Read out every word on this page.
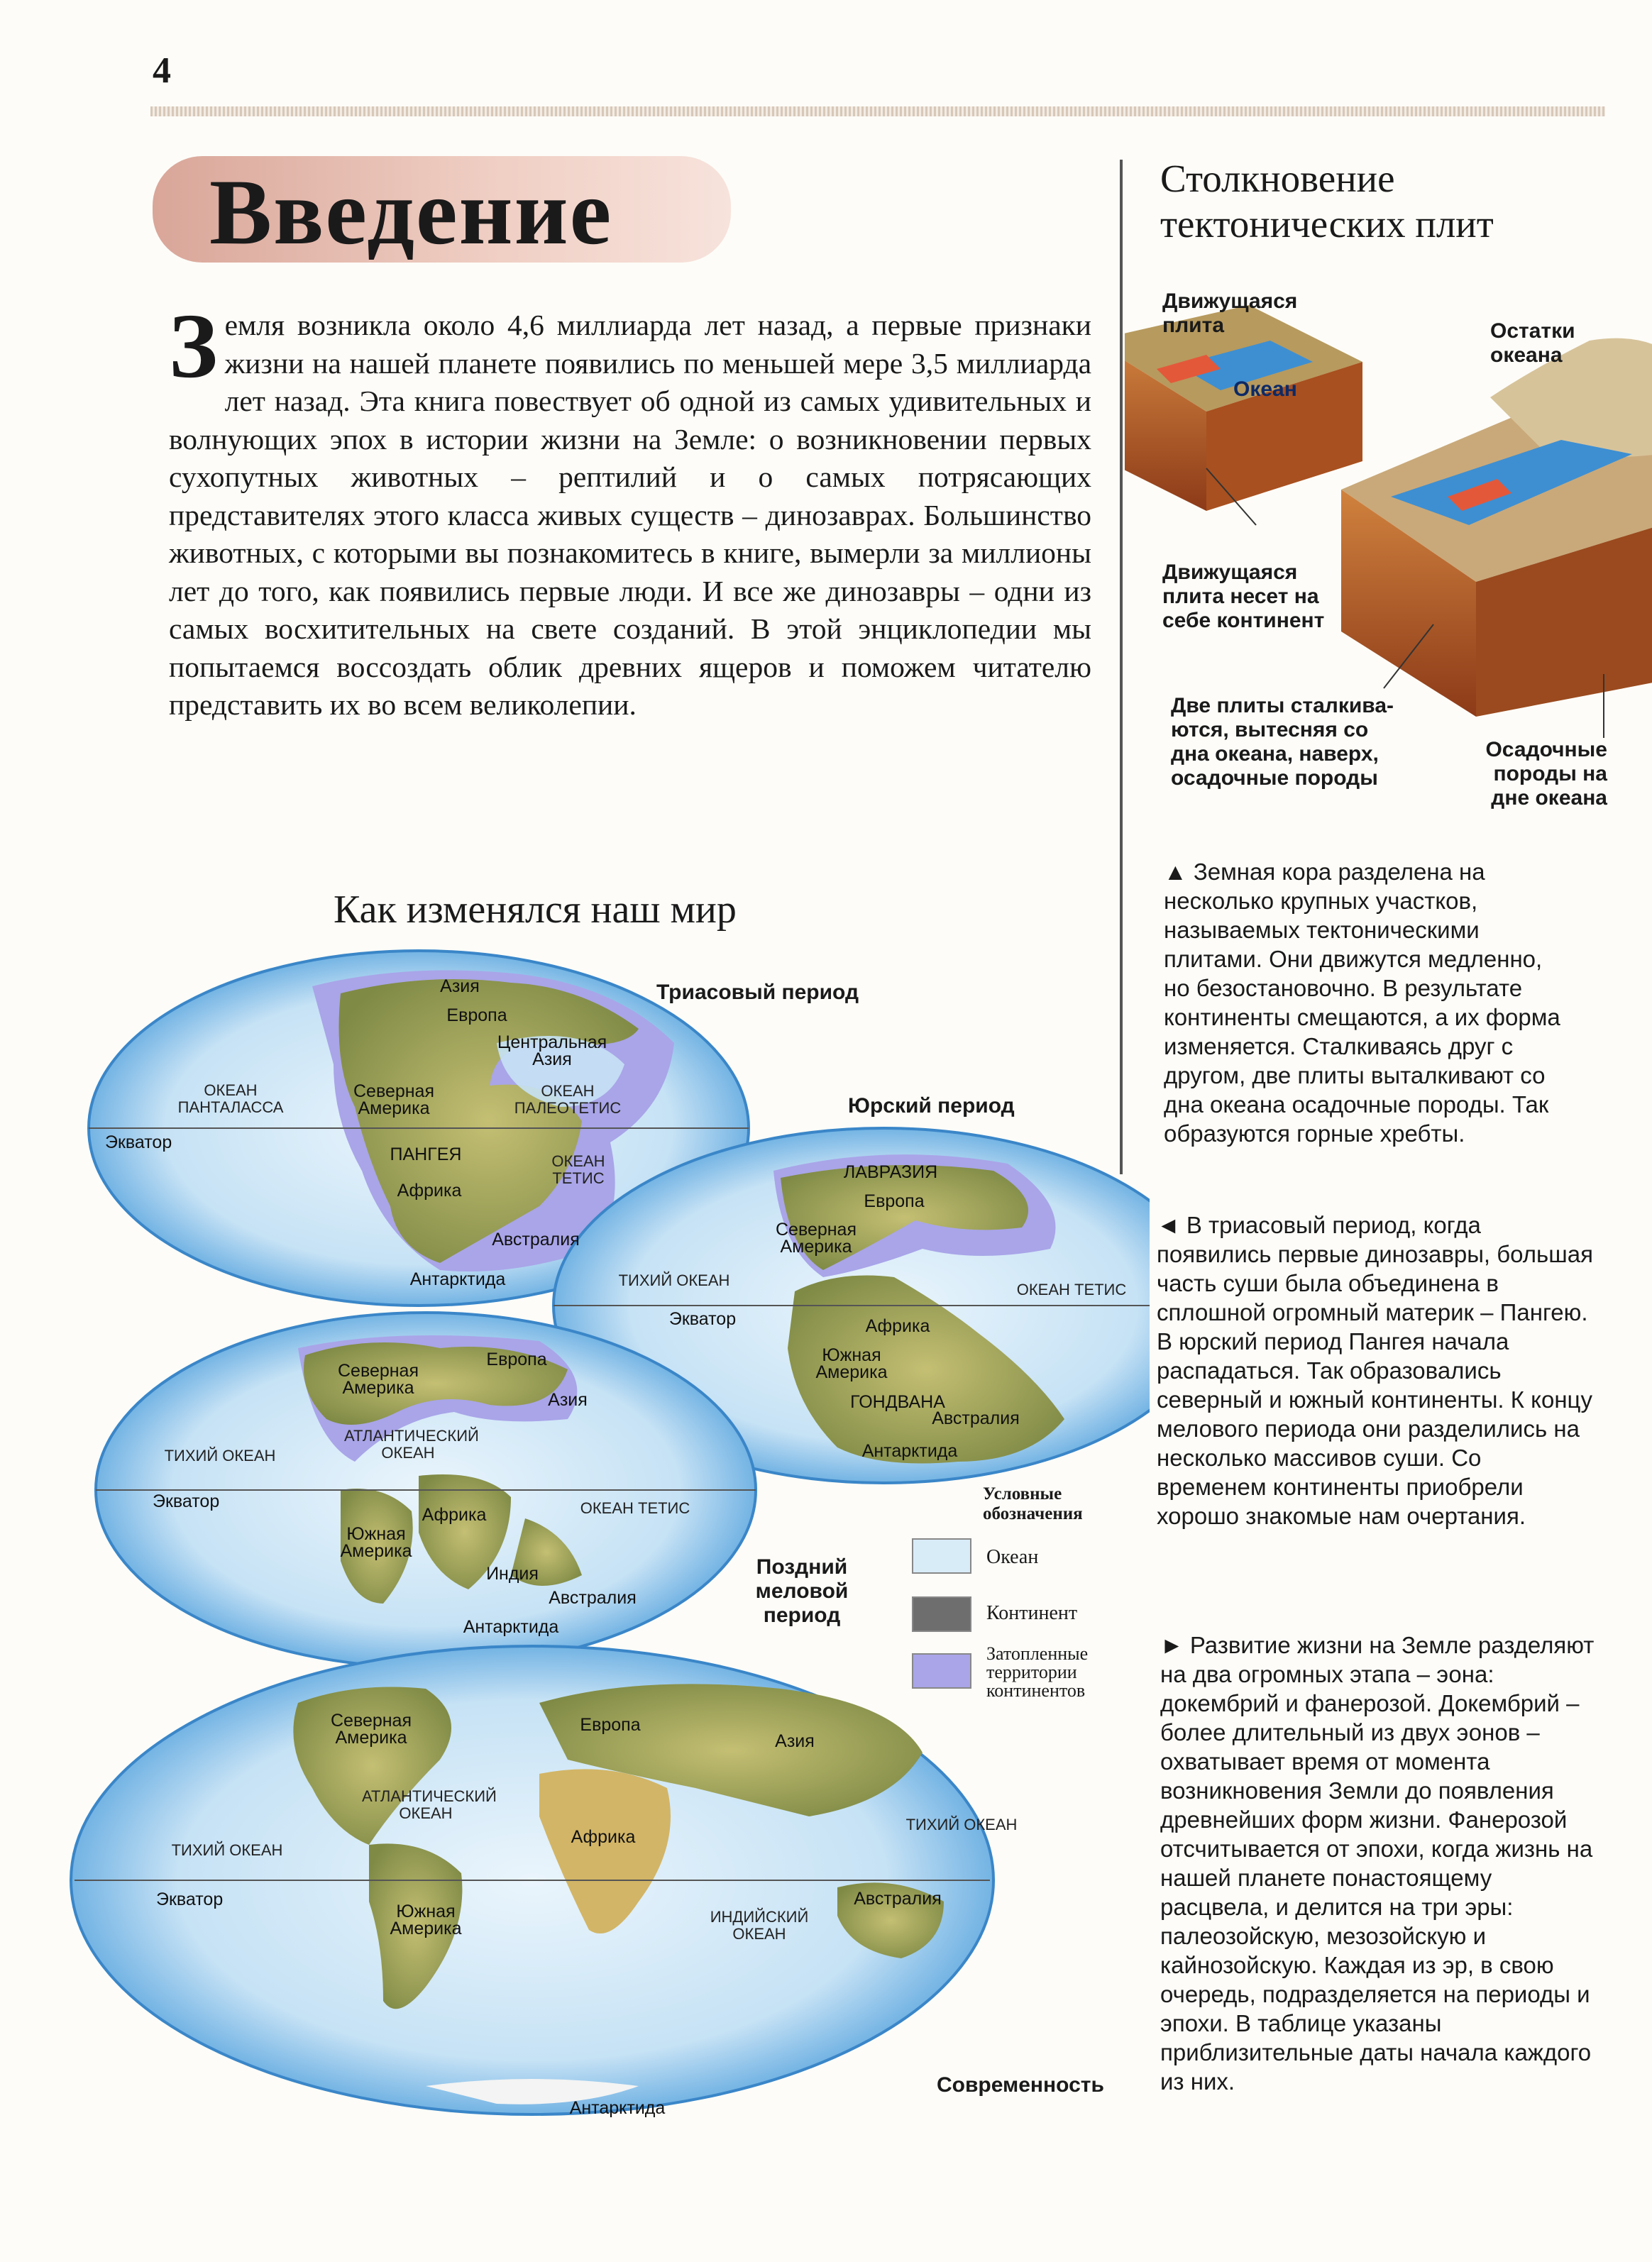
4
Введение
Земля возникла около 4,6 миллиарда лет назад, а первые признаки жизни на нашей планете появились по меньшей мере 3,5 миллиарда лет назад. Эта книга повествует об одной из самых удивительных и волнующих эпох в истории жизни на Земле: о возникновении первых сухопутных животных – рептилий и о самых потрясающих представителях этого класса живых существ – динозаврах. Большинство животных, с которыми вы познакомитесь в книге, вымерли за миллионы лет до того, как появились первые люди. И все же динозавры – одни из самых восхитительных на свете созданий. В этой энциклопедии мы попытаемся воссоздать облик древних ящеров и поможем читателю представить их во всем великолепии.
Как изменялся наш мир
Азия
Европа
Центральная
Азия
ОКЕАН
ПАНТАЛАССА
Северная
Америка
ОКЕАН
ПАЛЕОТЕТИС
Экватор
ПАНГЕЯ	ОКЕАН
ТЕТИС
Африка
Австралия
Антарктида
Триасовый период
Юрский период
ЛАВРАЗИЯ
Европа
Северная
Америка
ТИХИЙ ОКЕАН
ОКЕАН ТЕТИС
Экватор	Африка
Южная
Америка
ГОНДВАНА
Австралия
Антарктида
Северная
Америка
Европа
Азия
АТЛАНТИЧЕСКИЙ
ОКЕАН
ТИХИЙ ОКЕАН
Экватор
Африка	ОКЕАН ТЕТИС
Южная
Америка
Индия
Австралия
Антарктида
Поздний
меловой
период
Северная
Америка
Европа
Азия
АТЛАНТИЧЕСКИЙ
ОКЕАН
ТИХИЙ ОКЕАН
ТИХИЙ ОКЕАН
Африка
Экватор
Южная
Америка
ИНДИЙСКИЙ
ОКЕАН
Австралия
Антарктида
Современность
Условные
обозначения
Океан
Континент
Затопленные
территории
континентов
Столкновение
тектонических плит
Движущаяся
плита	Остатки
океана
Океан
Движущаяся
плита несет на
себе континент
Две плиты сталкива-
ются, вытесняя со
дна океана, наверх,
осадочные породы
Осадочные
породы на
дне океана
▲ Земная кора разделена на несколько крупных участков, называемых тектоническими плитами. Они движутся медленно, но безостановочно. В результате континенты смещаются, а их форма изменяется. Сталкиваясь друг с другом, две плиты выталкивают со дна океана осадочные породы. Так образуются горные хребты.
◄ В триасовый период, когда появились первые динозавры, большая часть суши была объединена в сплошной огромный материк – Пангею. В юрский период Пангея начала распадаться. Так образовались северный и южный континенты. К концу мелового периода они разделились на несколько массивов суши. Со временем континенты приобрели хорошо знакомые нам очертания.
► Развитие жизни на Земле разделяют на два огромных этапа – эона: докембрий и фанерозой. Докембрий – более длительный из двух эонов – охватывает время от момента возникновения Земли до появления древнейших форм жизни. Фанерозой отсчитывается от эпохи, когда жизнь на нашей планете понастоящему расцвела, и делится на три эры: палеозойскую, мезозойскую и кайнозойскую. Каждая из эр, в свою очередь, подразделяется на периоды и эпохи. В таблице указаны приблизительные даты начала каждого из них.
